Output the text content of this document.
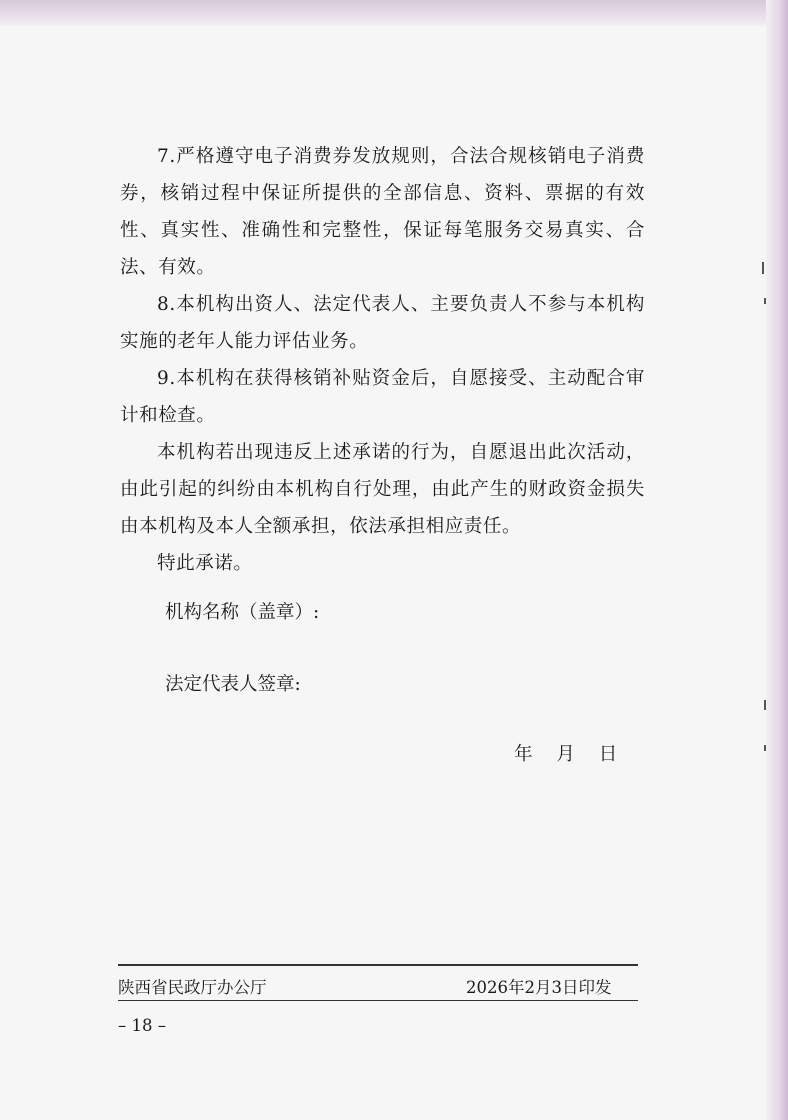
7.严格遵守电子消费券发放规则，合法合规核销电子消费券，核销过程中保证所提供的全部信息、资料、票据的有效性、真实性、准确性和完整性，保证每笔服务交易真实、合法、有效。

8.本机构出资人、法定代表人、主要负责人不参与本机构实施的老年人能力评估业务。

9.本机构在获得核销补贴资金后，自愿接受、主动配合审计和检查。

本机构若出现违反上述承诺的行为，自愿退出此次活动，由此引起的纠纷由本机构自行处理，由此产生的财政资金损失由本机构及本人全额承担，依法承担相应责任。

特此承诺。

机构名称（盖章）:
法定代表人签章:
年 月 日
陕西省民政厅办公厅	2026年2月3日印发
– 18 –
